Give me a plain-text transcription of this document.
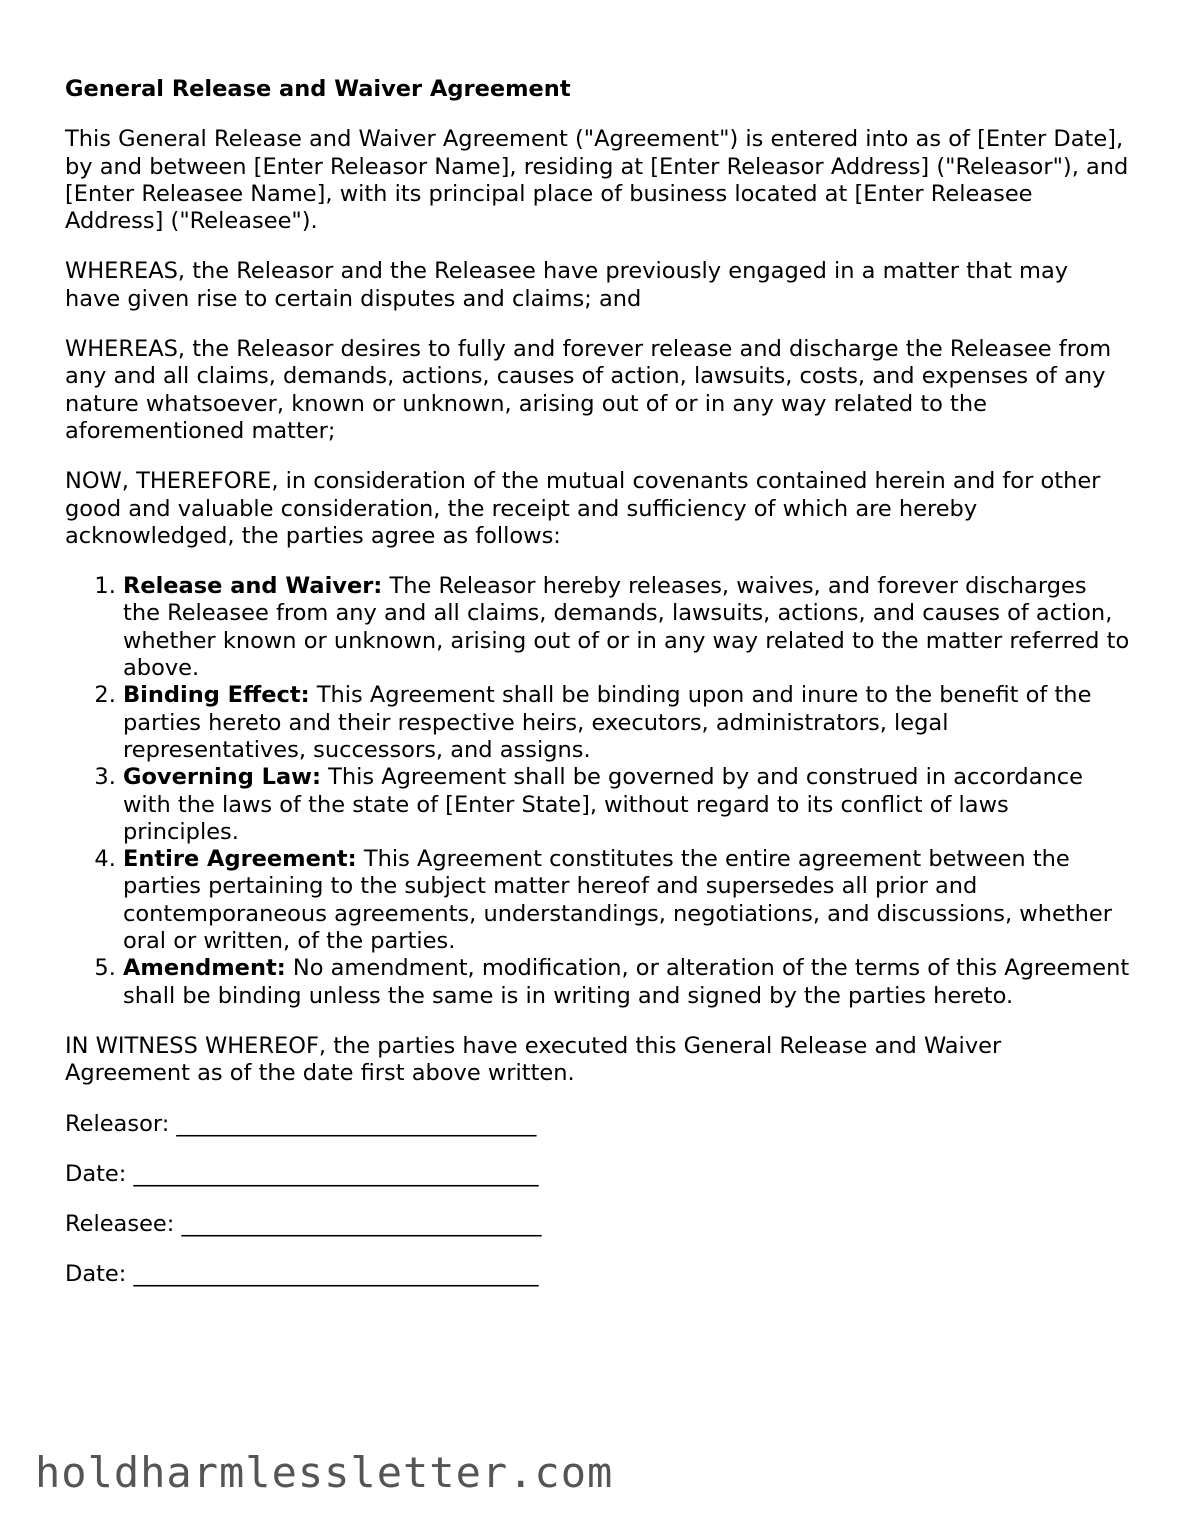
General Release and Waiver Agreement

This General Release and Waiver Agreement ("Agreement") is entered into as of [Enter Date], by and between [Enter Releasor Name], residing at [Enter Releasor Address] ("Releasor"), and [Enter Releasee Name], with its principal place of business located at [Enter Releasee Address] ("Releasee").

WHEREAS, the Releasor and the Releasee have previously engaged in a matter that may have given rise to certain disputes and claims; and

WHEREAS, the Releasor desires to fully and forever release and discharge the Releasee from any and all claims, demands, actions, causes of action, lawsuits, costs, and expenses of any nature whatsoever, known or unknown, arising out of or in any way related to the aforementioned matter;

NOW, THEREFORE, in consideration of the mutual covenants contained herein and for other good and valuable consideration, the receipt and sufficiency of which are hereby acknowledged, the parties agree as follows:

1. Release and Waiver: The Releasor hereby releases, waives, and forever discharges the Releasee from any and all claims, demands, lawsuits, actions, and causes of action, whether known or unknown, arising out of or in any way related to the matter referred to above.
2. Binding Effect: This Agreement shall be binding upon and inure to the benefit of the parties hereto and their respective heirs, executors, administrators, legal representatives, successors, and assigns.
3. Governing Law: This Agreement shall be governed by and construed in accordance with the laws of the state of [Enter State], without regard to its conflict of laws principles.
4. Entire Agreement: This Agreement constitutes the entire agreement between the parties pertaining to the subject matter hereof and supersedes all prior and contemporaneous agreements, understandings, negotiations, and discussions, whether oral or written, of the parties.
5. Amendment: No amendment, modification, or alteration of the terms of this Agreement shall be binding unless the same is in writing and signed by the parties hereto.

IN WITNESS WHEREOF, the parties have executed this General Release and Waiver Agreement as of the date first above written.

Releasor: ________________________________
Date: ____________________________________
Releasee: ________________________________
Date: ____________________________________
holdharmlessletter.com
